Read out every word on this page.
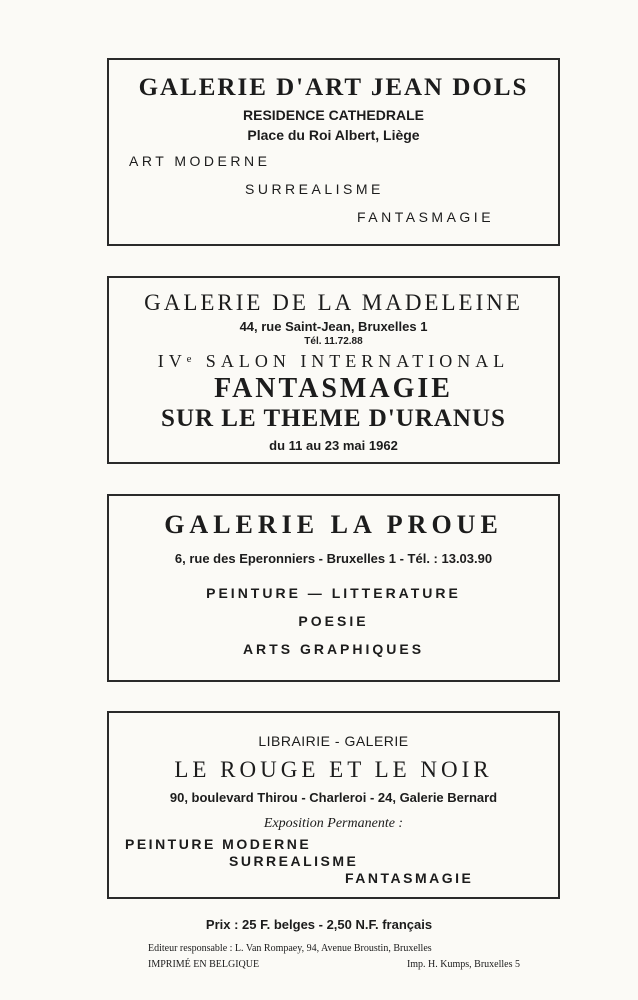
GALERIE D'ART JEAN DOLS
RESIDENCE CATHEDRALE
Place du Roi Albert, Liège
ART MODERNE
SURREALISME
FANTASMAGIE
GALERIE DE LA MADELEINE
44, rue Saint-Jean, Bruxelles 1
Tél. 11.72.88
IVᵉ SALON INTERNATIONAL
FANTASMAGIE
SUR LE THEME D'URANUS
du 11 au 23 mai 1962
GALERIE LA PROUE
6, rue des Eperonniers - Bruxelles 1 - Tél. : 13.03.90
PEINTURE — LITTERATURE
POESIE
ARTS GRAPHIQUES
LIBRAIRIE - GALERIE
LE ROUGE ET LE NOIR
90, boulevard Thirou - Charleroi - 24, Galerie Bernard
Exposition Permanente :
PEINTURE MODERNE
SURREALISME
FANTASMAGIE
Prix : 25 F. belges - 2,50 N.F. français
Editeur responsable : L. Van Rompaey, 94, Avenue Broustin, Bruxelles
IMPRIMÉ EN BELGIQUE	Imp. H. Kumps, Bruxelles 5
